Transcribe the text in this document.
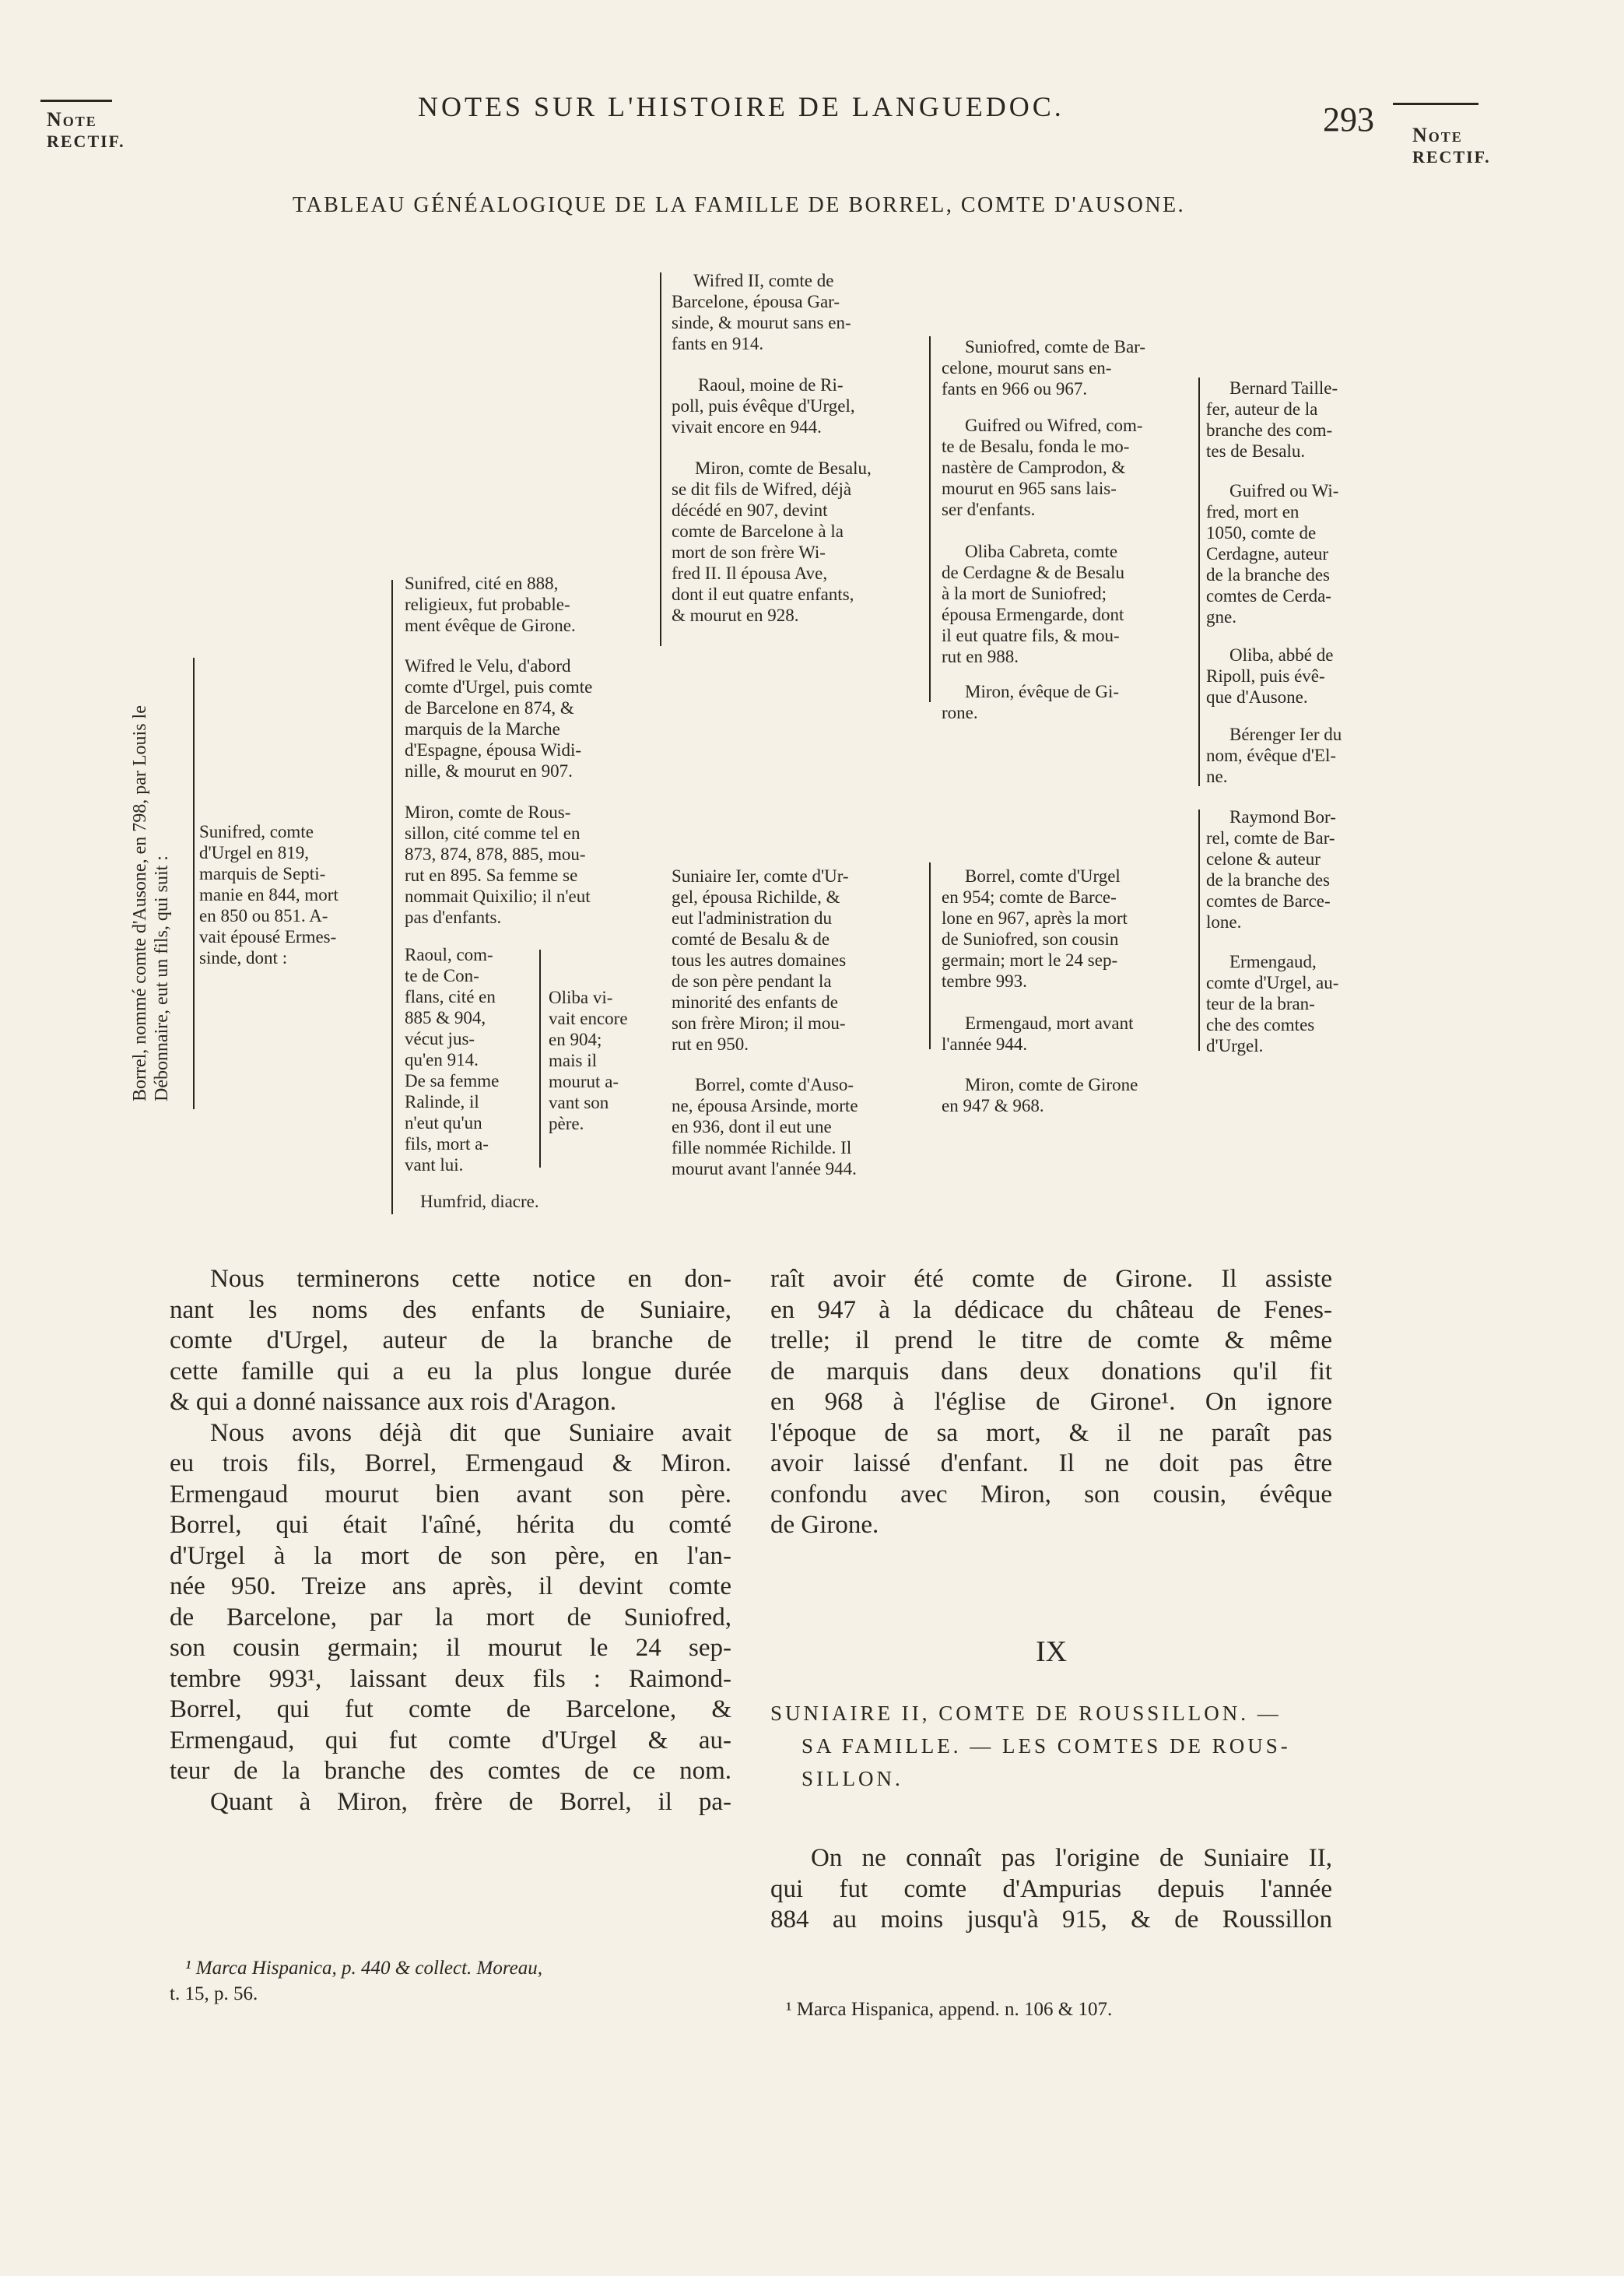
Note
RECTIF.	Note
RECTIF.
NOTES SUR L'HISTOIRE DE LANGUEDOC.	293
TABLEAU GÉNÉALOGIQUE DE LA FAMILLE DE BORREL, COMTE D'AUSONE.
Borrel, nommé comte d'Ausone, en 798, par Louis le Débonnaire, eut un fils, qui suit :
Sunifred, comte
d'Urgel en 819,
marquis de Septi-
manie en 844, mort
en 850 ou 851. A-
vait épousé Ermes-
sinde, dont :
Sunifred, cité en 888,
religieux, fut probable-
ment évêque de Girone.
Wifred le Velu, d'abord
comte d'Urgel, puis comte
de Barcelone en 874, &
marquis de la Marche
d'Espagne, épousa Widi-
nille, & mourut en 907.
Miron, comte de Rous-
sillon, cité comme tel en
873, 874, 878, 885, mou-
rut en 895. Sa femme se
nommait Quixilio; il n'eut
pas d'enfants.
Raoul, com-
te de Con-
flans, cité en
885 & 904,
vécut jus-
qu'en 914.
De sa femme
Ralinde, il
n'eut qu'un
fils, mort a-
vant lui.
Oliba vi-
vait encore
en 904;
mais il
mourut a-
vant son
père.
Humfrid, diacre.
Wifred II, comte de
Barcelone, épousa Gar-
sinde, & mourut sans en-
fants en 914.
Raoul, moine de Ri-
poll, puis évêque d'Urgel,
vivait encore en 944.
Miron, comte de Besalu,
se dit fils de Wifred, déjà
décédé en 907, devint
comte de Barcelone à la
mort de son frère Wi-
fred II. Il épousa Ave,
dont il eut quatre enfants,
& mourut en 928.
Suniaire Ier, comte d'Ur-
gel, épousa Richilde, &
eut l'administration du
comté de Besalu & de
tous les autres domaines
de son père pendant la
minorité des enfants de
son frère Miron; il mou-
rut en 950.
Borrel, comte d'Auso-
ne, épousa Arsinde, morte
en 936, dont il eut une
fille nommée Richilde. Il
mourut avant l'année 944.
Suniofred, comte de Bar-
celone, mourut sans en-
fants en 966 ou 967.
Guifred ou Wifred, com-
te de Besalu, fonda le mo-
nastère de Camprodon, &
mourut en 965 sans lais-
ser d'enfants.
Oliba Cabreta, comte
de Cerdagne & de Besalu
à la mort de Suniofred;
épousa Ermengarde, dont
il eut quatre fils, & mou-
rut en 988.
Miron, évêque de Gi-
rone.
Borrel, comte d'Urgel
en 954; comte de Barce-
lone en 967, après la mort
de Suniofred, son cousin
germain; mort le 24 sep-
tembre 993.
Ermengaud, mort avant
l'année 944.
Miron, comte de Girone
en 947 & 968.
Bernard Taille-
fer, auteur de la
branche des com-
tes de Besalu.
Guifred ou Wi-
fred, mort en
1050, comte de
Cerdagne, auteur
de la branche des
comtes de Cerda-
gne.
Oliba, abbé de
Ripoll, puis évê-
que d'Ausone.
Bérenger Ier du
nom, évêque d'El-
ne.
Raymond Bor-
rel, comte de Bar-
celone & auteur
de la branche des
comtes de Barce-
lone.
Ermengaud,
comte d'Urgel, au-
teur de la bran-
che des comtes
d'Urgel.
Nous terminerons cette notice en don-
nant les noms des enfants de Suniaire,
comte d'Urgel, auteur de la branche de
cette famille qui a eu la plus longue durée
& qui a donné naissance aux rois d'Aragon.
Nous avons déjà dit que Suniaire avait
eu trois fils, Borrel, Ermengaud & Miron.
Ermengaud mourut bien avant son père.
Borrel, qui était l'aîné, hérita du comté
d'Urgel à la mort de son père, en l'an-
née 950. Treize ans après, il devint comte
de Barcelone, par la mort de Suniofred,
son cousin germain; il mourut le 24 sep-
tembre 993¹, laissant deux fils : Raimond-
Borrel, qui fut comte de Barcelone, &
Ermengaud, qui fut comte d'Urgel & au-
teur de la branche des comtes de ce nom.
Quant à Miron, frère de Borrel, il pa-
¹ Marca Hispanica, p. 440 & collect. Moreau,
t. 15, p. 56.
raît avoir été comte de Girone. Il assiste
en 947 à la dédicace du château de Fenes-
trelle; il prend le titre de comte & même
de marquis dans deux donations qu'il fit
en 968 à l'église de Girone¹. On ignore
l'époque de sa mort, & il ne paraît pas
avoir laissé d'enfant. Il ne doit pas être
confondu avec Miron, son cousin, évêque
de Girone.
IX
SUNIAIRE II, COMTE DE ROUSSILLON. —
SA FAMILLE. — LES COMTES DE ROUS-
SILLON.
On ne connaît pas l'origine de Suniaire II,
qui fut comte d'Ampurias depuis l'année
884 au moins jusqu'à 915, & de Roussillon
¹ Marca Hispanica, append. n. 106 & 107.
